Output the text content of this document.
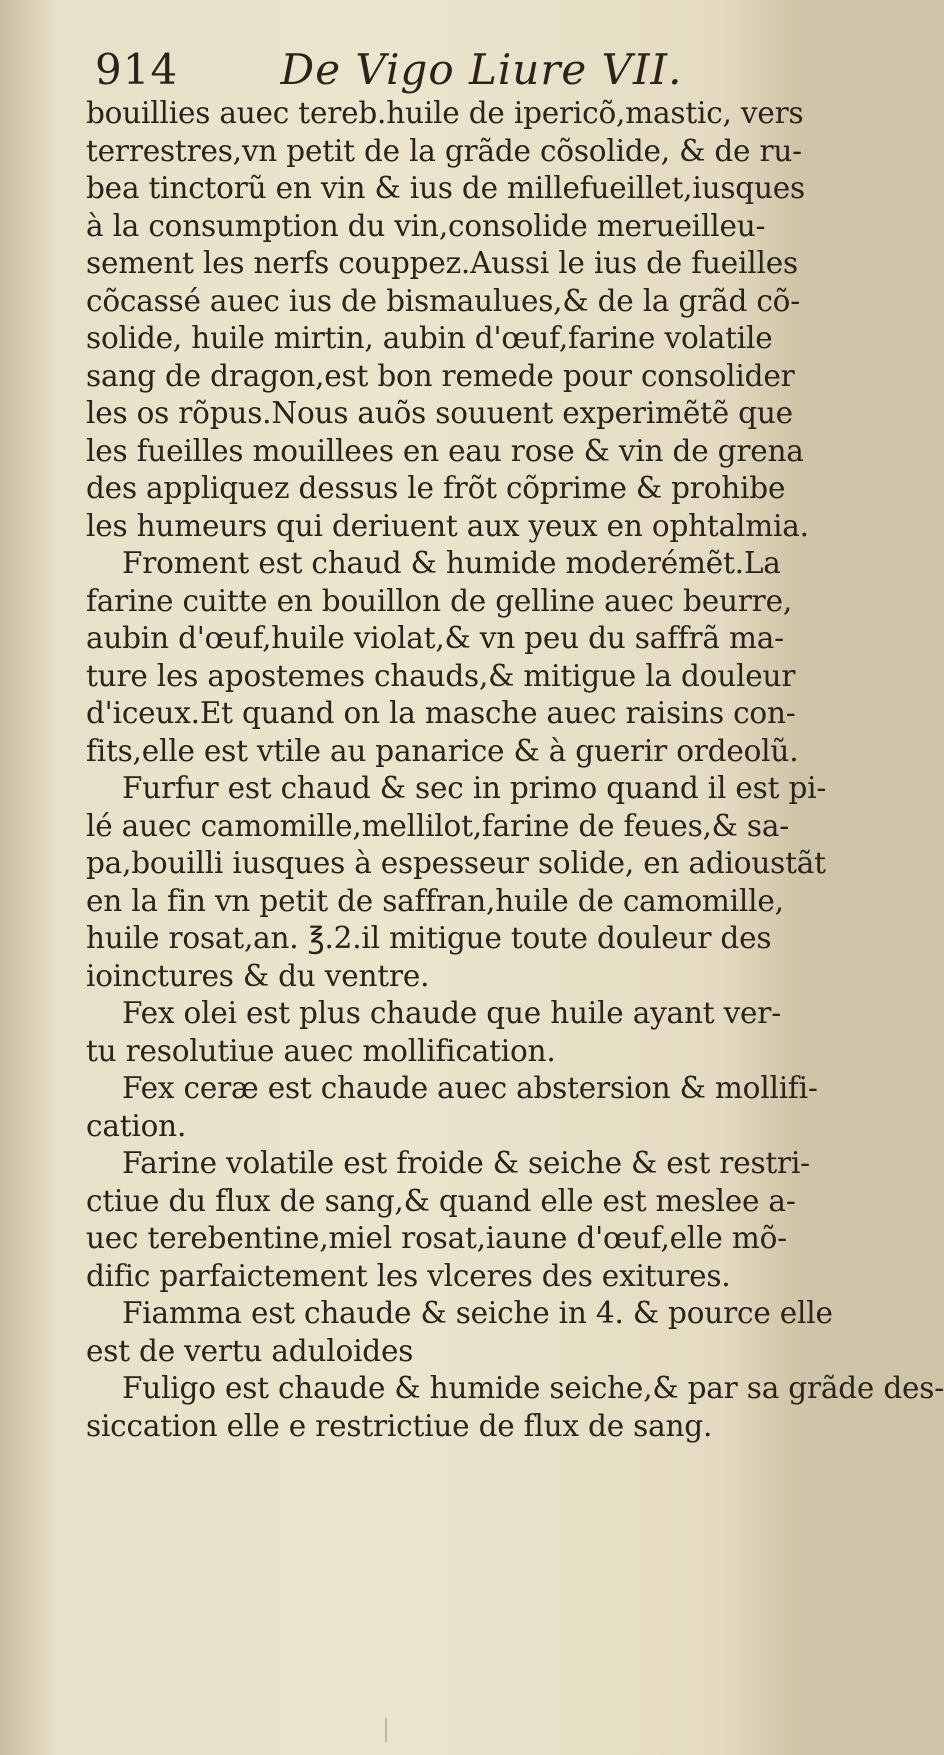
914 De Vigo Liure VII.
bouillies auec tereb.huile de ipericõ,mastic, vers
terrestres,vn petit de la grãde cõsolide, & de ru-
bea tinctorũ en vin & ius de millefueillet,iusques
à la consumption du vin,consolide merueilleu-
sement les nerfs couppez.Aussi le ius de fueilles
cõcassé auec ius de bismaulues,& de la grãd cõ-
solide, huile mirtin, aubin d'œuf,farine volatile
sang de dragon,est bon remede pour consolider
les os rõpus.Nous auõs souuent experimẽtẽ que
les fueilles mouillees en eau rose & vin de grena
des appliquez dessus le frõt cõprime & prohibe
les humeurs qui deriuent aux yeux en ophtalmia.
Froment est chaud & humide moderémẽt.La
farine cuitte en bouillon de gelline auec beurre,
aubin d'œuf,huile violat,& vn peu du saffrã ma-
ture les apostemes chauds,& mitigue la douleur
d'iceux.Et quand on la masche auec raisins con-
fits,elle est vtile au panarice & à guerir ordeolũ.
Furfur est chaud & sec in primo quand il est pi-
lé auec camomille,mellilot,farine de feues,& sa-
pa,bouilli iusques à espesseur solide, en adioustãt
en la fin vn petit de saffran,huile de camomille,
huile rosat,an. ℥.2.il mitigue toute douleur des
ioinctures & du ventre.
Fex olei est plus chaude que huile ayant ver-
tu resolutiue auec mollification.
Fex ceræ est chaude auec abstersion & mollifi-
cation.
Farine volatile est froide & seiche & est restri-
ctiue du flux de sang,& quand elle est meslee a-
uec terebentine,miel rosat,iaune d'œuf,elle mõ-
dific parfaictement les vlceres des exitures.
Fiamma est chaude & seiche in 4. & pource elle
est de vertu aduloides
Fuligo est chaude & humide seiche,& par sa grãde des-
siccation elle e restrictiue de flux de sang.
